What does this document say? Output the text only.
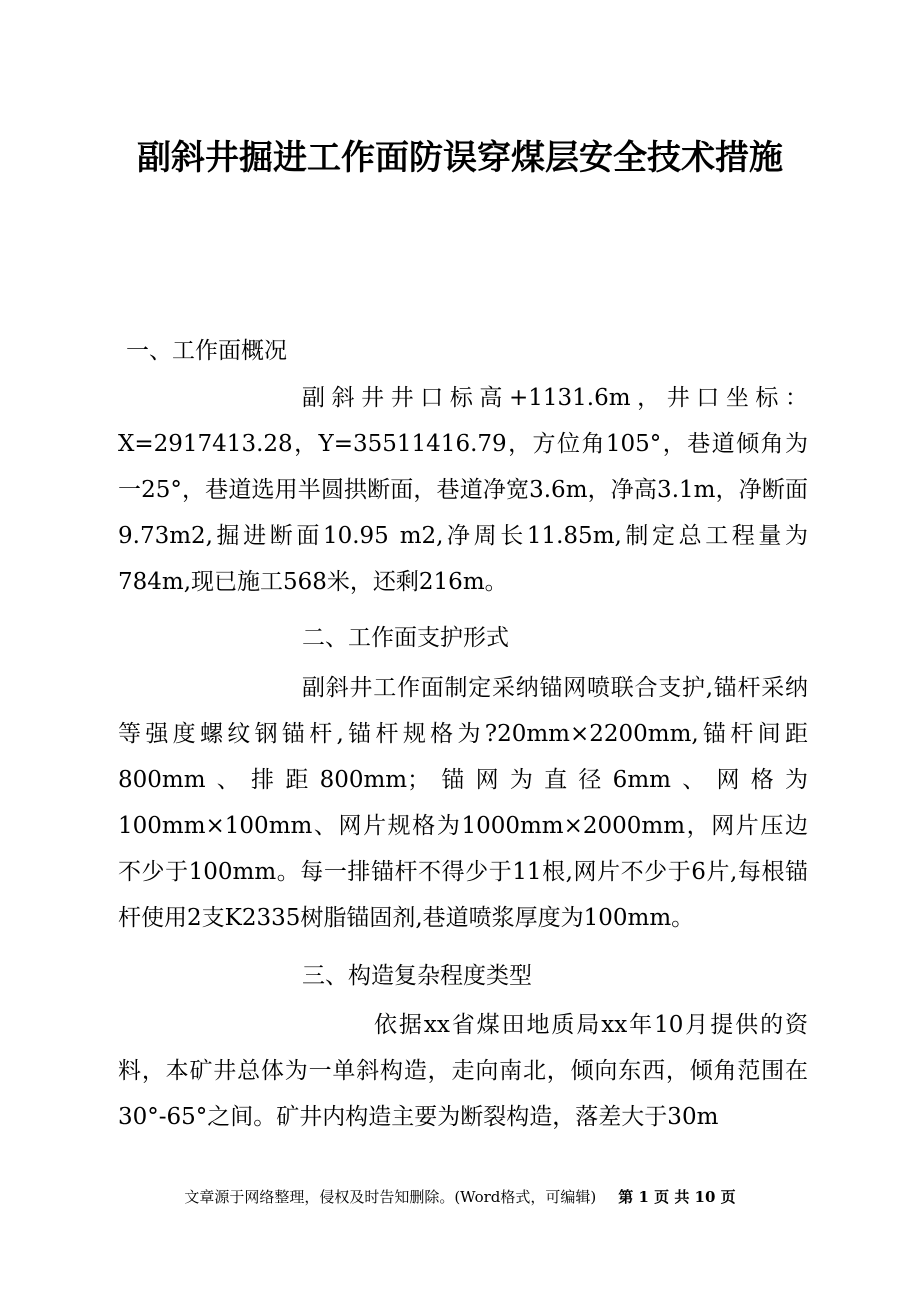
副斜井掘进工作面防误穿煤层安全技术措施
一、工作面概况
副斜井井口标高+1131.6m，井口坐标：X=2917413.28，Y=35511416.79，方位角105°，巷道倾角为一25°，巷道选用半圆拱断面，巷道净宽3.6m，净高3.1m，净断面9.73m2,掘进断面10.95 m2,净周长11.85m,制定总工程量为784m,现已施工568米，还剩216m。
二、工作面支护形式
副斜井工作面制定采纳锚网喷联合支护,锚杆采纳等强度螺纹钢锚杆,锚杆规格为?20mm×2200mm,锚杆间距800mm、排距800mm；锚网为直径6mm、网格为100mm×100mm、网片规格为1000mm×2000mm，网片压边不少于100mm。每一排锚杆不得少于11根,网片不少于6片,每根锚杆使用2支K2335树脂锚固剂,巷道喷浆厚度为100mm。
三、构造复杂程度类型
依据xx省煤田地质局xx年10月提供的资料，本矿井总体为一单斜构造，走向南北，倾向东西，倾角范围在30°-65°之间。矿井内构造主要为断裂构造，落差大于30m
文章源于网络整理，侵权及时告知删除。(Word格式，可编辑) 第 1 页 共 10 页
